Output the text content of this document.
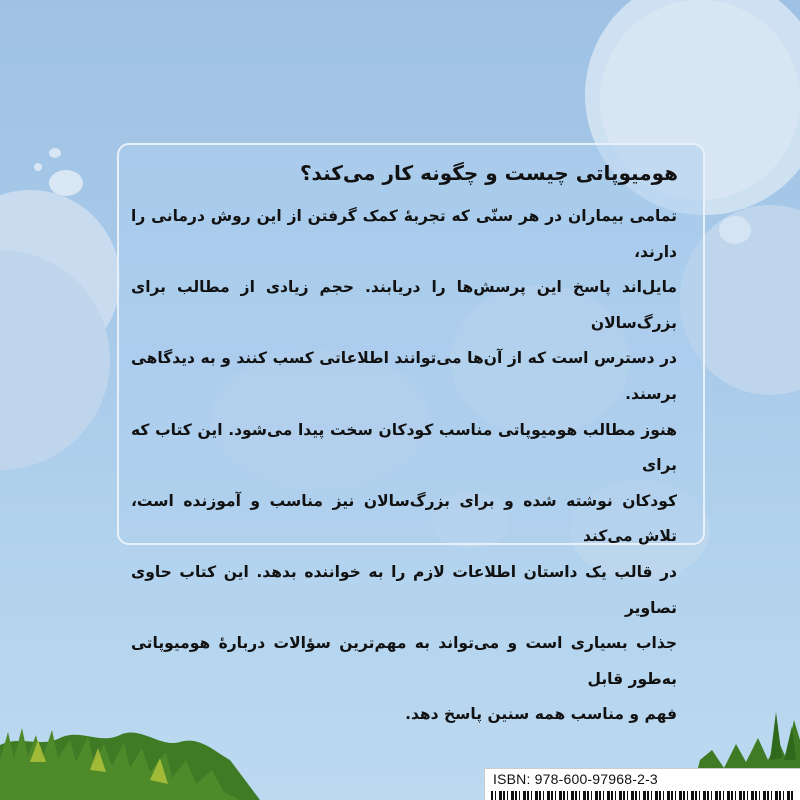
هومیوپاتی چیست و چگونه کار می‌کند؟
تمامی بیماران در هر سنّی که تجربهٔ کمک گرفتن از این روش درمانی را دارند،
مایل‌اند پاسخ این پرسش‌ها را دریابند. حجم زیادی از مطالب برای بزرگ‌سالان
در دسترس است که از آن‌ها می‌توانند اطلاعاتی کسب کنند و به دیدگاهی برسند.
هنوز مطالب هومیوپاتی مناسب کودکان سخت پیدا می‌شود. این کتاب که برای
کودکان نوشته شده و برای بزرگ‌سالان نیز مناسب و آموزنده است، تلاش می‌کند
در قالب یک داستان اطلاعات لازم را به خواننده بدهد. این کتاب حاوی تصاویر
جذاب بسیاری است و می‌تواند به مهم‌ترین سؤالات دربارهٔ هومیوپاتی به‌طور قابل
فهم و مناسب همه سنین پاسخ دهد.
ISBN: 978-600-97968-2-3
